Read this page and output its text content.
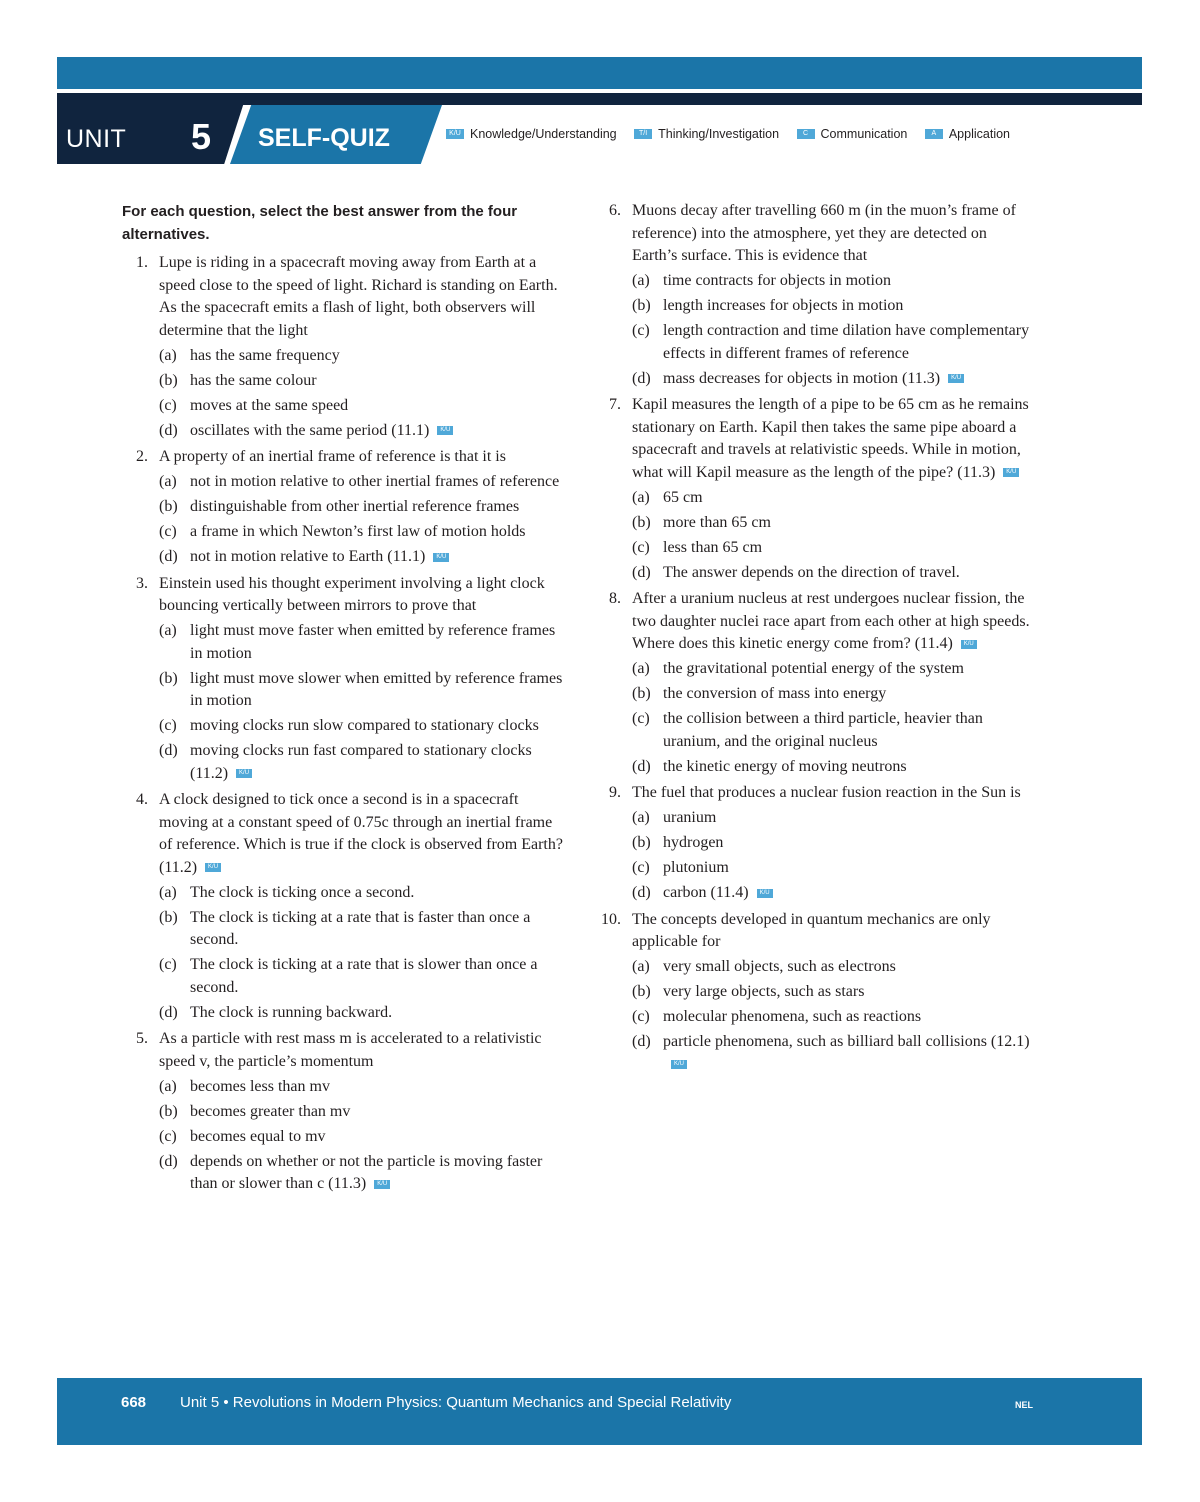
UNIT 5 SELF-QUIZ	K/U Knowledge/Understanding	T/I Thinking/Investigation	C Communication	A Application
For each question, select the best answer from the four alternatives.
1. Lupe is riding in a spacecraft moving away from Earth at a speed close to the speed of light. Richard is standing on Earth. As the spacecraft emits a flash of light, both observers will determine that the light
(a) has the same frequency
(b) has the same colour
(c) moves at the same speed
(d) oscillates with the same period (11.1) K/U
2. A property of an inertial frame of reference is that it is
(a) not in motion relative to other inertial frames of reference
(b) distinguishable from other inertial reference frames
(c) a frame in which Newton’s first law of motion holds
(d) not in motion relative to Earth (11.1) K/U
3. Einstein used his thought experiment involving a light clock bouncing vertically between mirrors to prove that
(a) light must move faster when emitted by reference frames in motion
(b) light must move slower when emitted by reference frames in motion
(c) moving clocks run slow compared to stationary clocks
(d) moving clocks run fast compared to stationary clocks (11.2) K/U
4. A clock designed to tick once a second is in a spacecraft moving at a constant speed of 0.75c through an inertial frame of reference. Which is true if the clock is observed from Earth? (11.2) K/U
(a) The clock is ticking once a second.
(b) The clock is ticking at a rate that is faster than once a second.
(c) The clock is ticking at a rate that is slower than once a second.
(d) The clock is running backward.
5. As a particle with rest mass m is accelerated to a relativistic speed v, the particle’s momentum
(a) becomes less than mv
(b) becomes greater than mv
(c) becomes equal to mv
(d) depends on whether or not the particle is moving faster than or slower than c (11.3) K/U
6. Muons decay after travelling 660 m (in the muon’s frame of reference) into the atmosphere, yet they are detected on Earth’s surface. This is evidence that
(a) time contracts for objects in motion
(b) length increases for objects in motion
(c) length contraction and time dilation have complementary effects in different frames of reference
(d) mass decreases for objects in motion (11.3) K/U
7. Kapil measures the length of a pipe to be 65 cm as he remains stationary on Earth. Kapil then takes the same pipe aboard a spacecraft and travels at relativistic speeds. While in motion, what will Kapil measure as the length of the pipe? (11.3) K/U
(a) 65 cm
(b) more than 65 cm
(c) less than 65 cm
(d) The answer depends on the direction of travel.
8. After a uranium nucleus at rest undergoes nuclear fission, the two daughter nuclei race apart from each other at high speeds. Where does this kinetic energy come from? (11.4) K/U
(a) the gravitational potential energy of the system
(b) the conversion of mass into energy
(c) the collision between a third particle, heavier than uranium, and the original nucleus
(d) the kinetic energy of moving neutrons
9. The fuel that produces a nuclear fusion reaction in the Sun is
(a) uranium
(b) hydrogen
(c) plutonium
(d) carbon (11.4) K/U
10. The concepts developed in quantum mechanics are only applicable for
(a) very small objects, such as electrons
(b) very large objects, such as stars
(c) molecular phenomena, such as reactions
(d) particle phenomena, such as billiard ball collisions (12.1)K/U
668 Unit 5 • Revolutions in Modern Physics: Quantum Mechanics and Special Relativity	NEL
